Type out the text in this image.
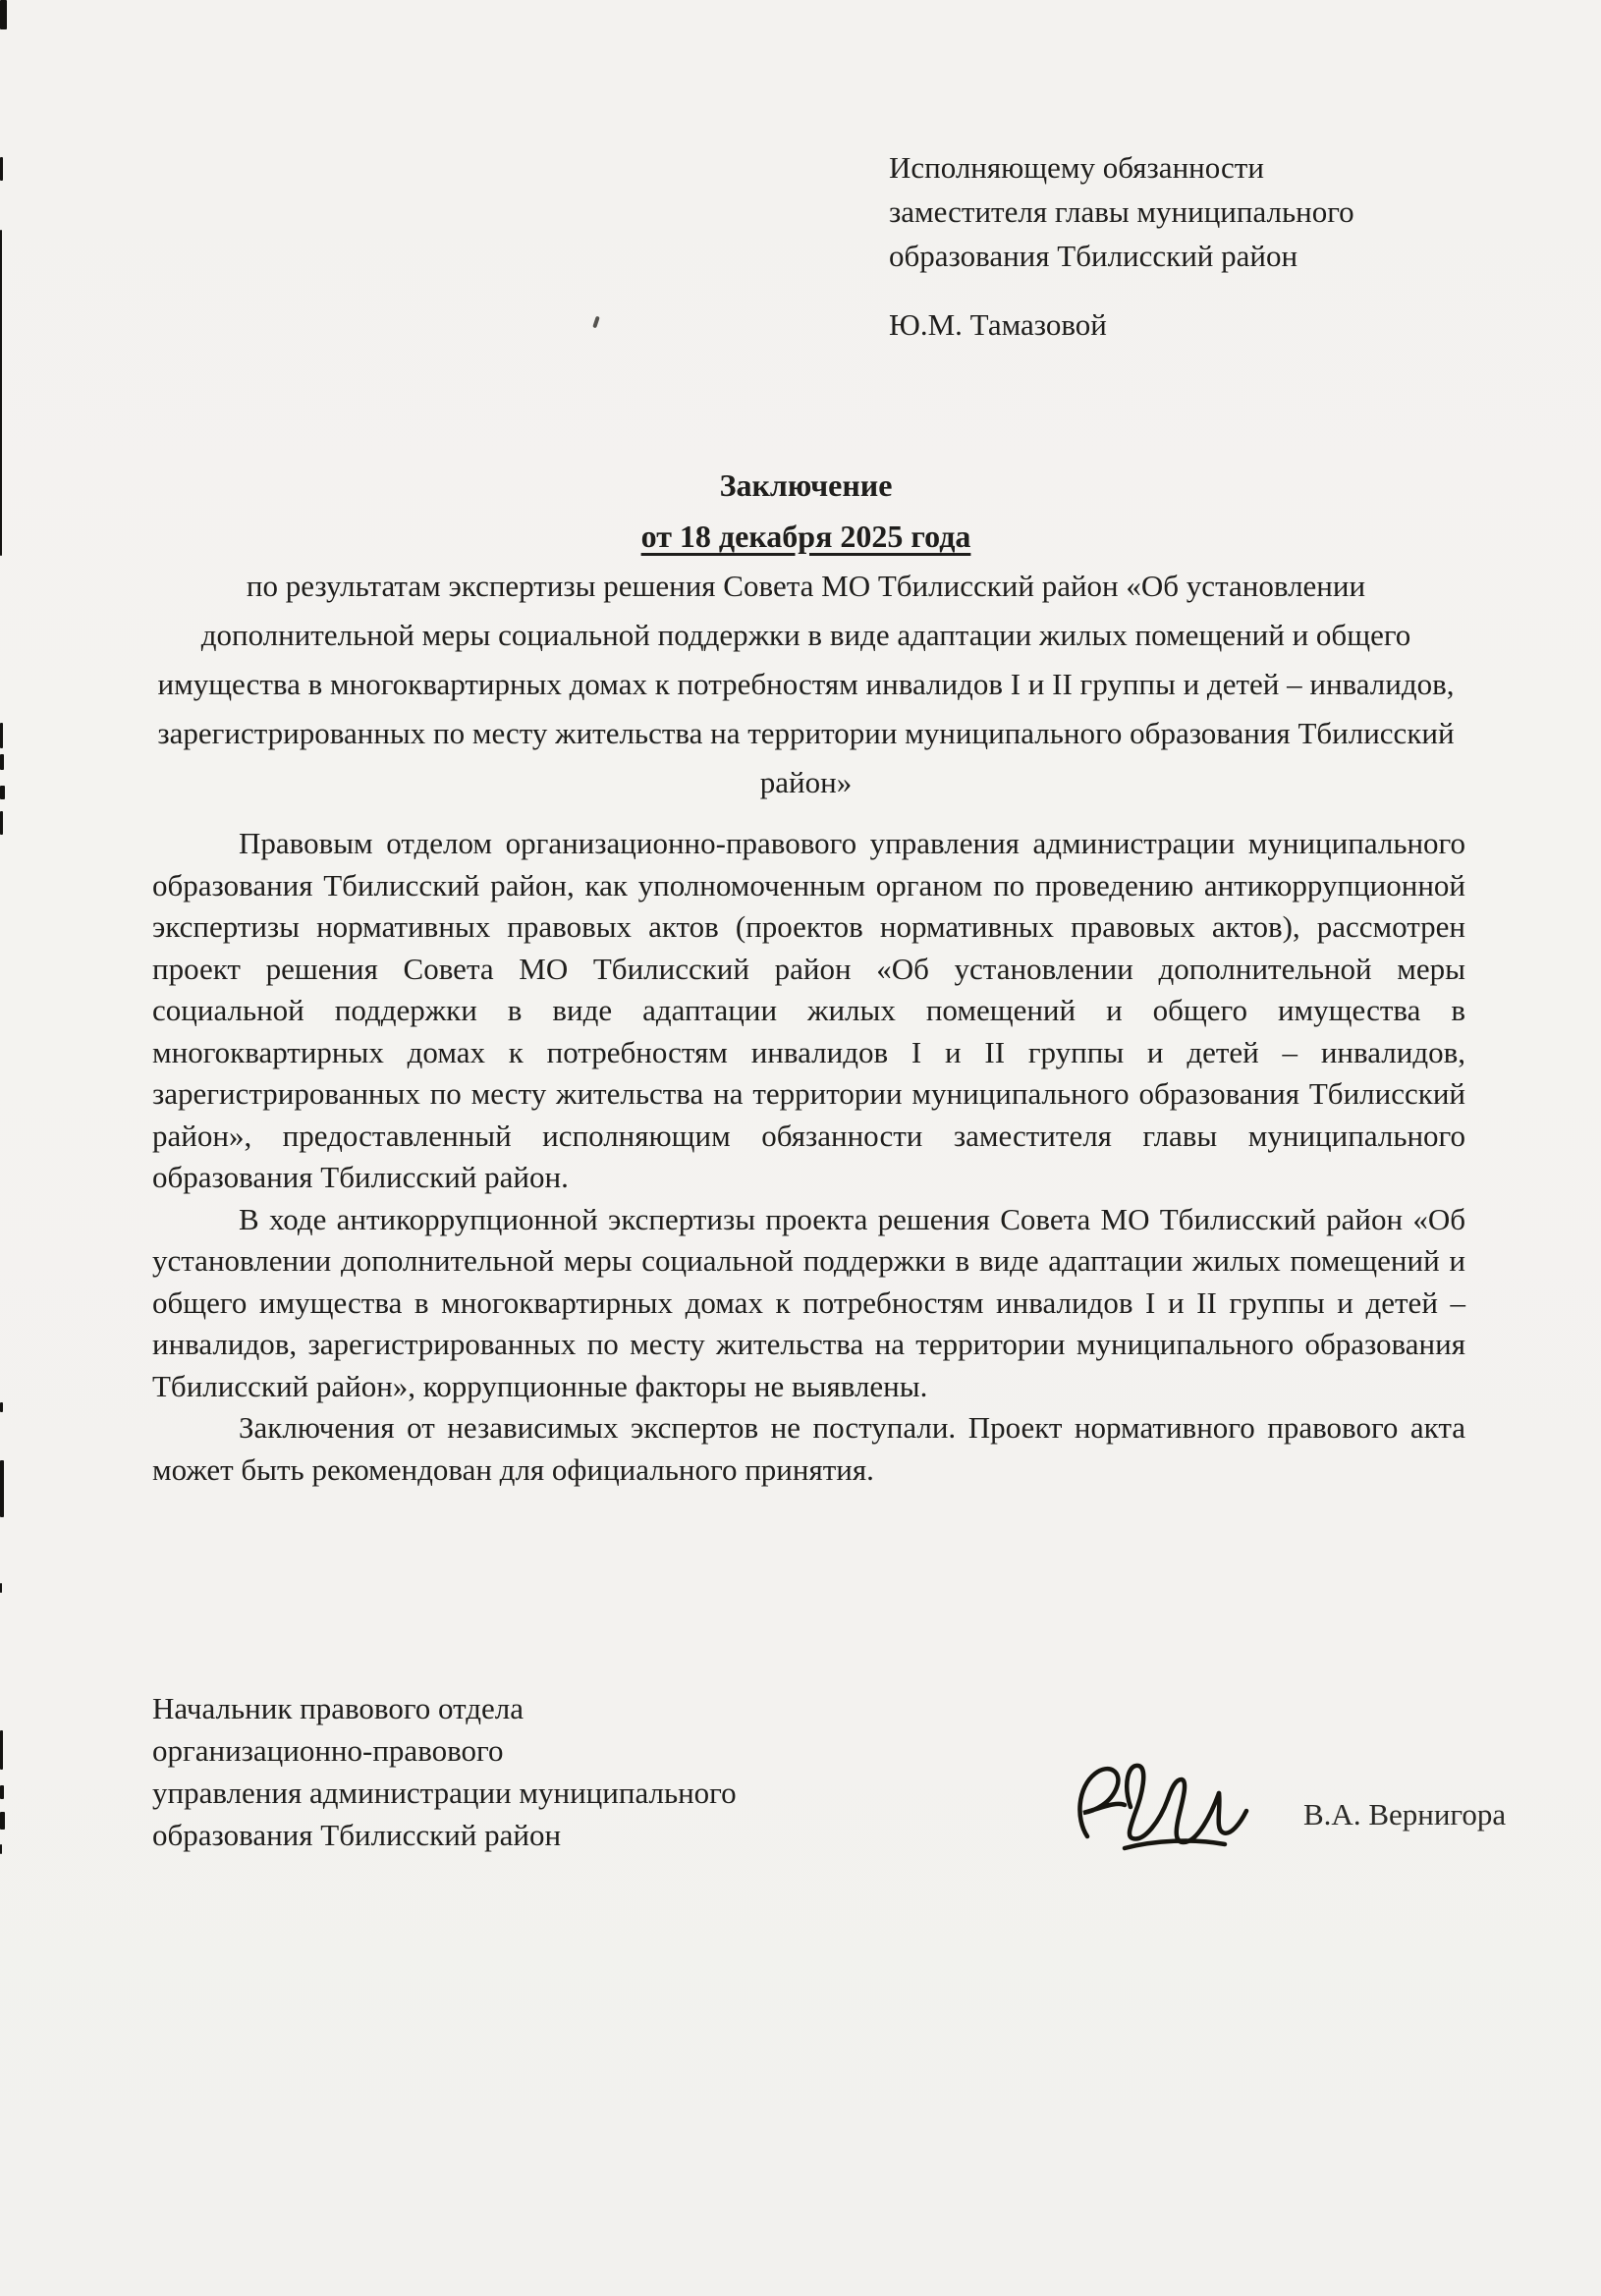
Исполняющему обязанности
заместителя главы муниципального
образования Тбилисский район
Ю.М. Тамазовой
Заключение
от 18 декабря 2025 года
по результатам экспертизы решения Совета МО Тбилисский район «Об установлении дополнительной меры социальной поддержки в виде адаптации жилых помещений и общего имущества в многоквартирных домах к потребностям инвалидов I и II группы и детей – инвалидов, зарегистрированных по месту жительства на территории муниципального образования Тбилисский район»

Правовым отделом организационно-правового управления администрации муниципального образования Тбилисский район, как уполномоченным органом по проведению антикоррупционной экспертизы нормативных правовых актов (проектов нормативных правовых актов), рассмотрен проект решения Совета МО Тбилисский район «Об установлении дополнительной меры социальной поддержки в виде адаптации жилых помещений и общего имущества в многоквартирных домах к потребностям инвалидов I и II группы и детей – инвалидов, зарегистрированных по месту жительства на территории муниципального образования Тбилисский район», предоставленный исполняющим обязанности заместителя главы муниципального образования Тбилисский район.

В ходе антикоррупционной экспертизы проекта решения Совета МО Тбилисский район «Об установлении дополнительной меры социальной поддержки в виде адаптации жилых помещений и общего имущества в многоквартирных домах к потребностям инвалидов I и II группы и детей – инвалидов, зарегистрированных по месту жительства на территории муниципального образования Тбилисский район», коррупционные факторы не выявлены.

Заключения от независимых экспертов не поступали. Проект нормативного правового акта может быть рекомендован для официального принятия.

Начальник правового отдела
организационно-правового
управления администрации муниципального
образования Тбилисский район
В.А. Вернигора
